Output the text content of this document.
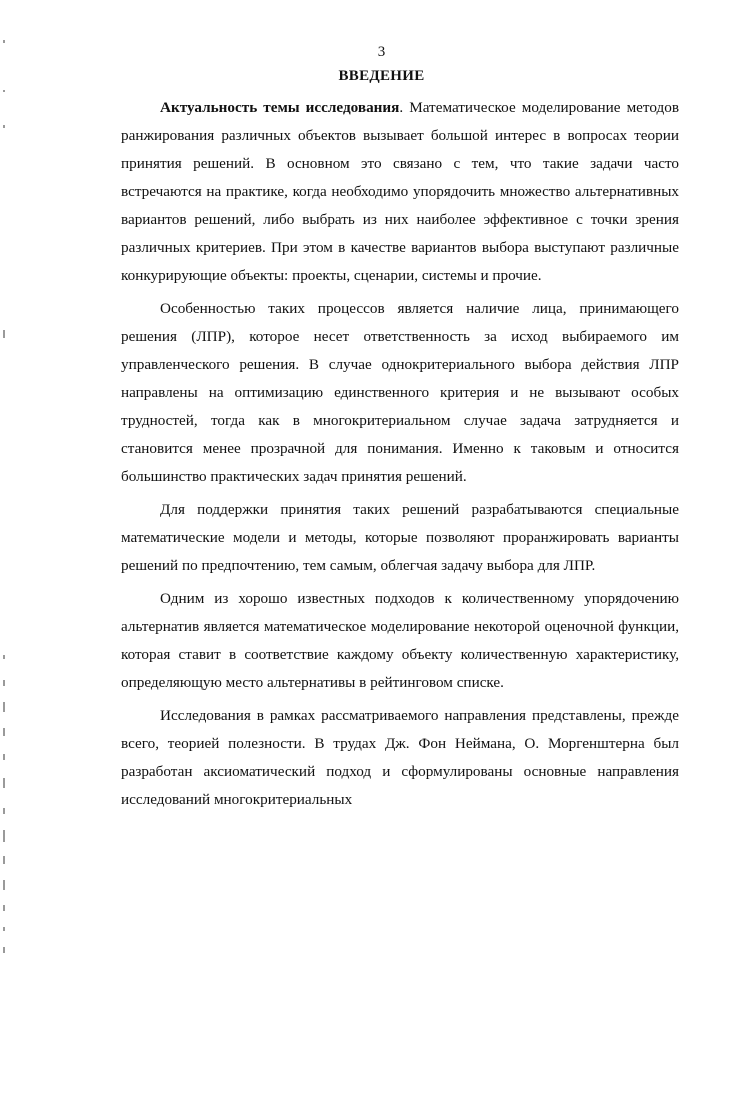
3
ВВЕДЕНИЕ

Актуальность темы исследования. Математическое моделирование методов ранжирования различных объектов вызывает большой интерес в вопросах теории принятия решений. В основном это связано с тем, что такие задачи часто встречаются на практике, когда необходимо упорядочить множество альтернативных вариантов решений, либо выбрать из них наиболее эффективное с точки зрения различных критериев. При этом в качестве вариантов выбора выступают различные конкурирующие объекты: проекты, сценарии, системы и прочие.

Особенностью таких процессов является наличие лица, принимающего решения (ЛПР), которое несет ответственность за исход выбираемого им управленческого решения. В случае однокритериального выбора действия ЛПР направлены на оптимизацию единственного критерия и не вызывают особых трудностей, тогда как в многокритериальном случае задача затрудняется и становится менее прозрачной для понимания. Именно к таковым и относится большинство практических задач принятия решений.

Для поддержки принятия таких решений разрабатываются специальные математические модели и методы, которые позволяют проранжировать варианты решений по предпочтению, тем самым, облегчая задачу выбора для ЛПР.

Одним из хорошо известных подходов к количественному упорядочению альтернатив является математическое моделирование некоторой оценочной функции, которая ставит в соответствие каждому объекту количественную характеристику, определяющую место альтернативы в рейтинговом списке.

Исследования в рамках рассматриваемого направления представлены, прежде всего, теорией полезности. В трудах Дж. Фон Неймана, О. Моргенштерна был разработан аксиоматический подход и сформулированы основные направления исследований многокритериальных
